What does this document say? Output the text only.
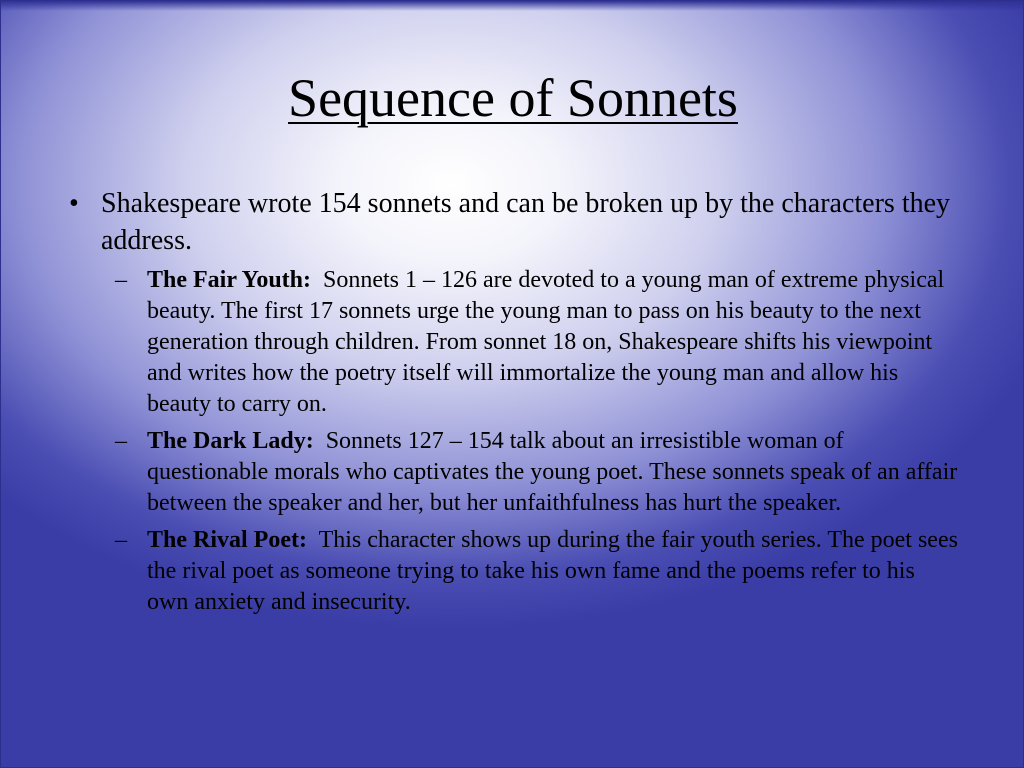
Sequence of Sonnets
• Shakespeare wrote 154 sonnets and can be broken up by the characters they address.
– The Fair Youth: Sonnets 1 – 126 are devoted to a young man of extreme physical beauty. The first 17 sonnets urge the young man to pass on his beauty to the next generation through children. From sonnet 18 on, Shakespeare shifts his viewpoint and writes how the poetry itself will immortalize the young man and allow his beauty to carry on.
– The Dark Lady: Sonnets 127 – 154 talk about an irresistible woman of questionable morals who captivates the young poet. These sonnets speak of an affair between the speaker and her, but her unfaithfulness has hurt the speaker.
– The Rival Poet: This character shows up during the fair youth series. The poet sees the rival poet as someone trying to take his own fame and the poems refer to his own anxiety and insecurity.
